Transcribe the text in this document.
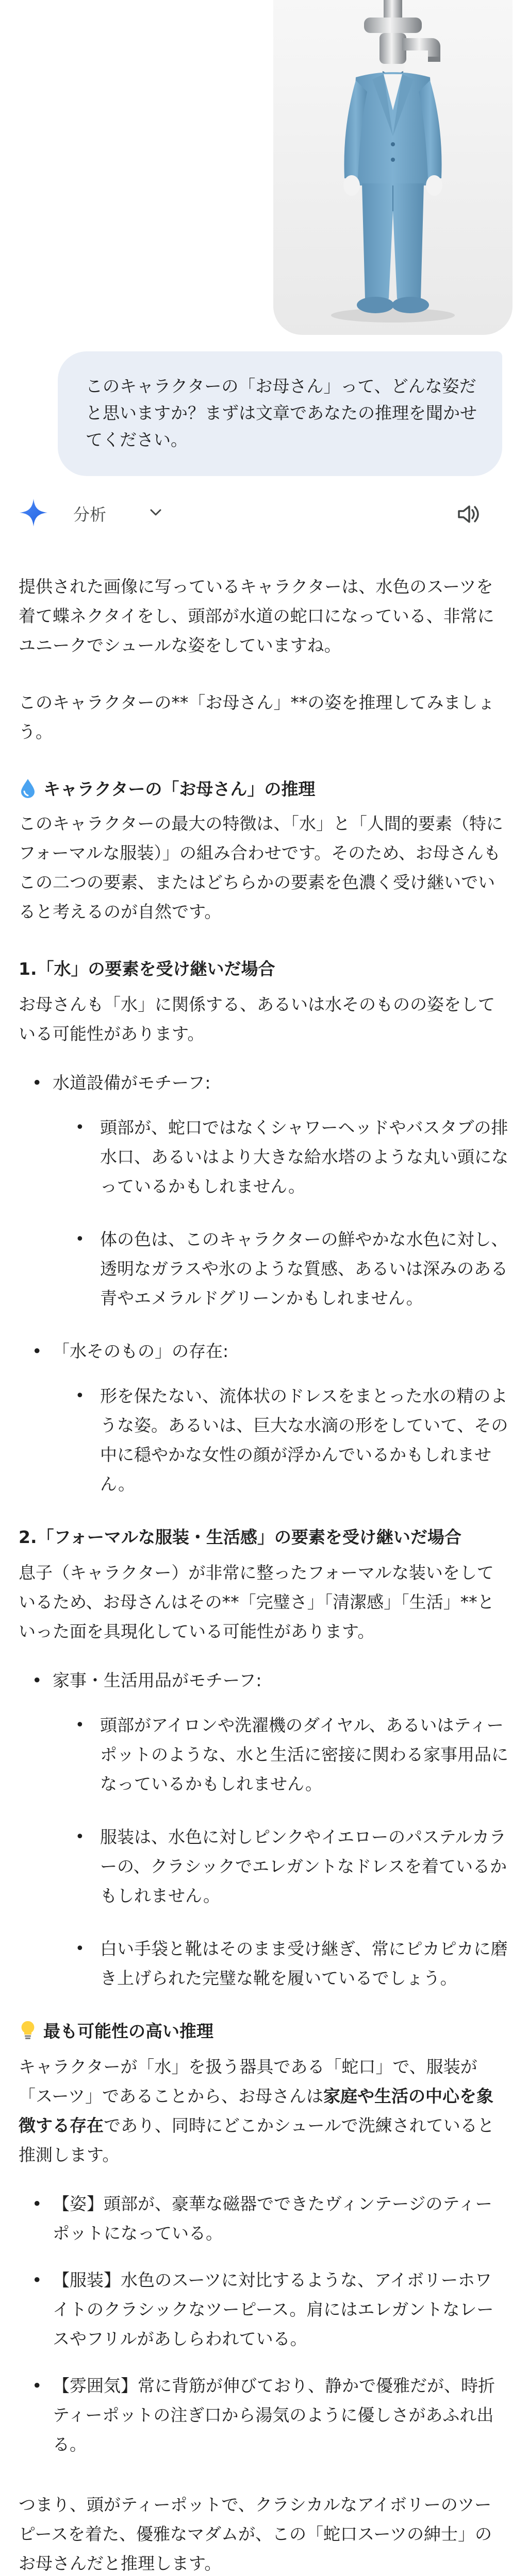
このキャラクターの「お母さん」って、どんな姿だと思いますか？まずは文章であなたの推理を聞かせてください。
分析

提供された画像に写っているキャラクターは、水色のスーツを着て蝶ネクタイをし、頭部が水道の蛇口になっている、非常にユニークでシュールな姿をしていますね。

このキャラクターの**「お母さん」**の姿を推理してみましょう。

キャラクターの「お母さん」の推理

このキャラクターの最大の特徴は、「水」と「人間的要素（特にフォーマルな服装）」の組み合わせです。そのため、お母さんもこの二つの要素、またはどちらかの要素を色濃く受け継いでいると考えるのが自然です。

1.「水」の要素を受け継いだ場合
お母さんも「水」に関係する、あるいは水そのものの姿をしている可能性があります。
• 水道設備がモチーフ:
• 頭部が、蛇口ではなくシャワーヘッドやバスタブの排水口、あるいはより大きな給水塔のような丸い頭になっているかもしれません。
• 体の色は、このキャラクターの鮮やかな水色に対し、透明なガラスや氷のような質感、あるいは深みのある青やエメラルドグリーンかもしれません。
• 「水そのもの」の存在:
• 形を保たない、流体状のドレスをまとった水の精のような姿。あるいは、巨大な水滴の形をしていて、その中に穏やかな女性の顔が浮かんでいるかもしれません。
2.「フォーマルな服装・生活感」の要素を受け継いだ場合
息子（キャラクター）が非常に整ったフォーマルな装いをしているため、お母さんはその**「完璧さ」「清潔感」「生活」**といった面を具現化している可能性があります。
• 家事・生活用品がモチーフ:
• 頭部がアイロンや洗濯機のダイヤル、あるいはティーポットのような、水と生活に密接に関わる家事用品になっているかもしれません。
• 服装は、水色に対しピンクやイエローのパステルカラーの、クラシックでエレガントなドレスを着ているかもしれません。
• 白い手袋と靴はそのまま受け継ぎ、常にピカピカに磨き上げられた完璧な靴を履いているでしょう。
最も可能性の高い推理
キャラクターが「水」を扱う器具である「蛇口」で、服装が「スーツ」であることから、お母さんは家庭や生活の中心を象徴する存在であり、同時にどこかシュールで洗練されていると推測します。
• 【姿】頭部が、豪華な磁器でできたヴィンテージのティーポットになっている。
• 【服装】水色のスーツに対比するような、アイボリーホワイトのクラシックなツーピース。肩にはエレガントなレースやフリルがあしらわれている。
• 【雰囲気】常に背筋が伸びており、静かで優雅だが、時折ティーポットの注ぎ口から湯気のように優しさがあふれ出る。

つまり、頭がティーポットで、クラシカルなアイボリーのツーピースを着た、優雅なマダムが、この「蛇口スーツの紳士」のお母さんだと推理します。
